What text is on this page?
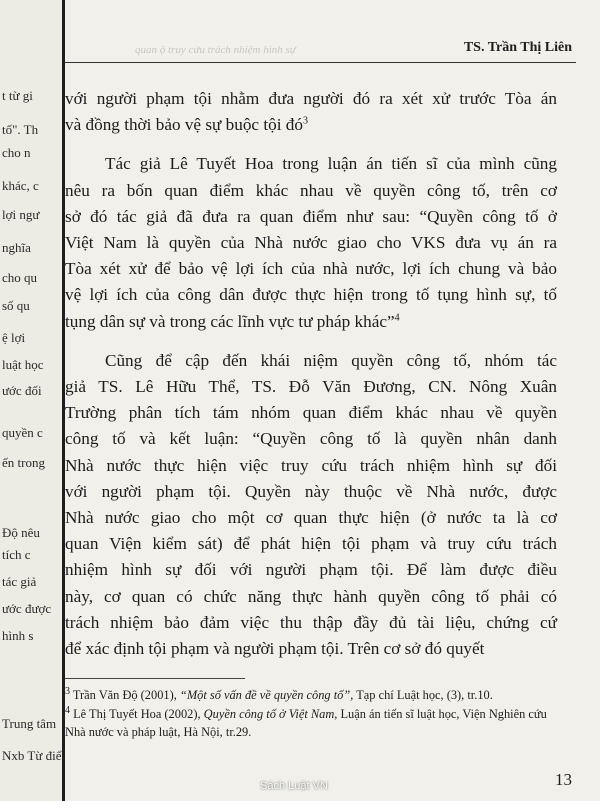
t từ gi
tố". Th
cho n
khác, c
lợi ngư
nghĩa
cho qu
số qu
ệ lợi
luật học
ước đối
quyền c
ến trong
Độ nêu
tích c
tác giả
ước được
hình s
Trung tâm
Nxb Từ điể
quan ộ truy cứu trách nhiệm hình sự	TS. Trần Thị Liên
với người phạm tội nhằm đưa người đó ra xét xử trước Tòa án
và đồng thời bảo vệ sự buộc tội $đó^3$
Tác giả Lê Tuyết Hoa trong luận án tiến sĩ của mình cũng
nêu ra bốn quan điểm khác nhau về quyền công tố, trên cơ
sở đó tác giả đã đưa ra quan điểm như sau: “Quyền công tố ở
Việt Nam là quyền của Nhà nước giao cho VKS đưa vụ án ra
Tòa xét xử để bảo vệ lợi ích của nhà nước, lợi ích chung và bảo
vệ lợi ích của công dân được thực hiện trong tố tụng hình sự, tố
tụng dân sự và trong các lĩnh vực tư pháp khác”$^4$
Cũng để cập đến khái niệm quyền công tố, nhóm tác
giả TS. Lê Hữu Thể, TS. Đỗ Văn Đương, CN. Nông Xuân
Trường phân tích tám nhóm quan điểm khác nhau về quyền
công tố và kết luận: “Quyền công tố là quyền nhân danh
Nhà nước thực hiện việc truy cứu trách nhiệm hình sự đối
với người phạm tội. Quyền này thuộc về Nhà nước, được
Nhà nước giao cho một cơ quan thực hiện (ở nước ta là cơ
quan Viện kiểm sát) để phát hiện tội phạm và truy cứu trách
nhiệm hình sự đối với người phạm tội. Để làm được điều
này, cơ quan có chức năng thực hành quyền công tố phải có
trách nhiệm bảo đảm việc thu thập đầy đủ tài liệu, chứng cứ
để xác định tội phạm và người phạm tội. Trên cơ sở đó quyết

$^3$ Trần Văn Độ (2001), “Một số vấn đề về quyền công tố”, Tạp chí Luật học, (3), tr.10.

$^4$ Lê Thị Tuyết Hoa (2002), Quyền công tố ở Việt Nam, Luận án tiến sĩ luật học, Viện Nghiên cứu Nhà nước và pháp luật, Hà Nội, tr.29.

13
Sách Luật VN
